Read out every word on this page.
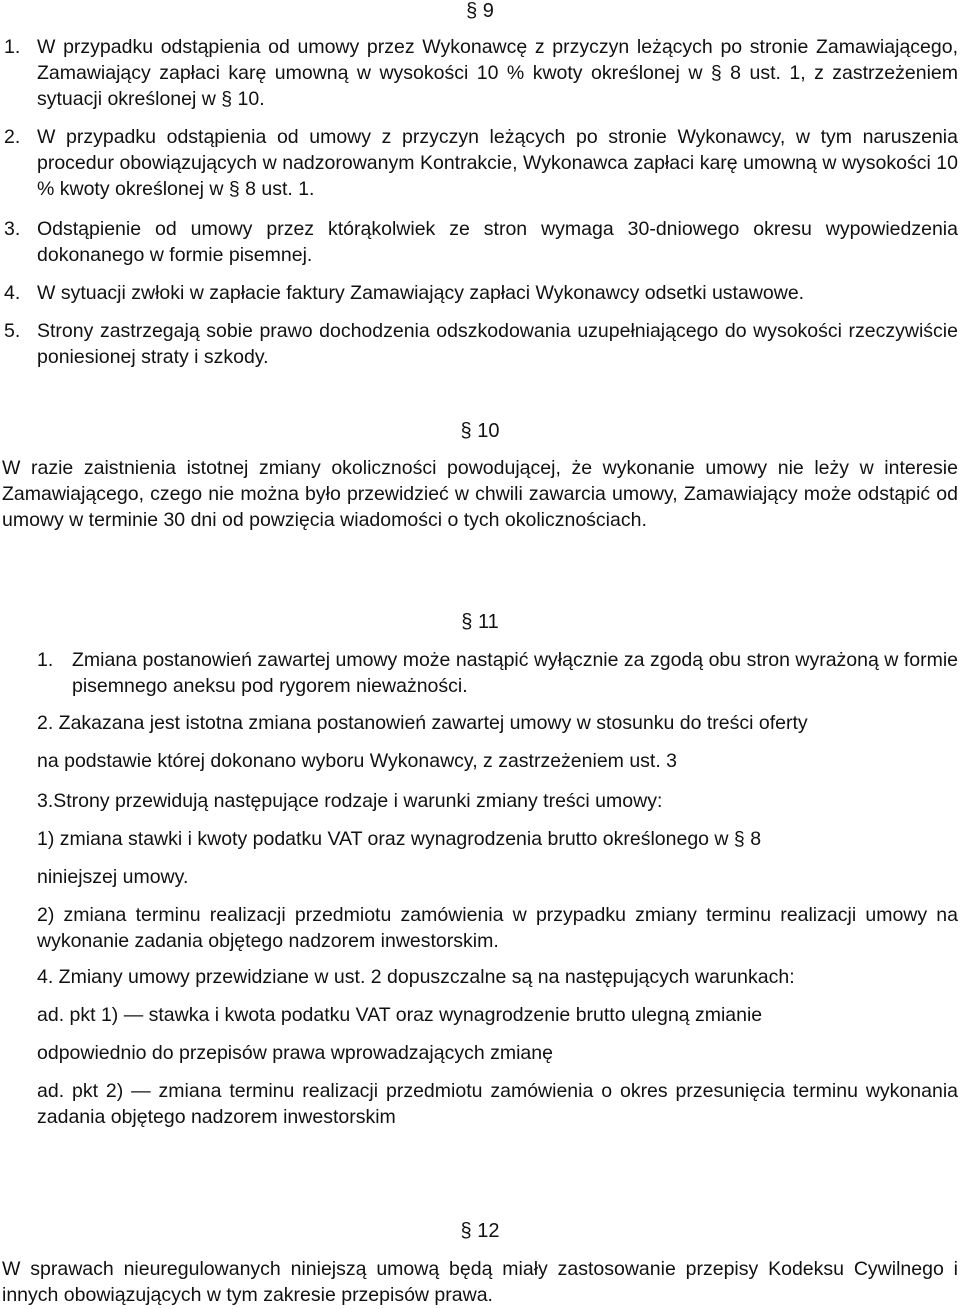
§ 9
1. W przypadku odstąpienia od umowy przez Wykonawcę z przyczyn leżących po stronie Zamawiającego, Zamawiający zapłaci karę umowną w wysokości 10 % kwoty określonej w § 8 ust. 1, z zastrzeżeniem sytuacji określonej w § 10.
2. W przypadku odstąpienia od umowy z przyczyn leżących po stronie Wykonawcy, w tym naruszenia procedur obowiązujących w nadzorowanym Kontrakcie, Wykonawca zapłaci karę umowną w wysokości 10 % kwoty określonej w § 8 ust. 1.
3. Odstąpienie od umowy przez którąkolwiek ze stron wymaga 30-dniowego okresu wypowiedzenia dokonanego w formie pisemnej.
4. W sytuacji zwłoki w zapłacie faktury Zamawiający zapłaci Wykonawcy odsetki ustawowe.
5. Strony zastrzegają sobie prawo dochodzenia odszkodowania uzupełniającego do wysokości rzeczywiście poniesionej straty i szkody.
§ 10
W razie zaistnienia istotnej zmiany okoliczności powodującej, że wykonanie umowy nie leży w interesie Zamawiającego, czego nie można było przewidzieć w chwili zawarcia umowy, Zamawiający może odstąpić od umowy w terminie 30 dni od powzięcia wiadomości o tych okolicznościach.
§ 11
1. Zmiana postanowień zawartej umowy może nastąpić wyłącznie za zgodą obu stron wyrażoną w formie pisemnego aneksu pod rygorem nieważności.
2. Zakazana jest istotna zmiana postanowień zawartej umowy w stosunku do treści oferty
na podstawie której dokonano wyboru Wykonawcy, z zastrzeżeniem ust. 3
3.Strony przewidują następujące rodzaje i warunki zmiany treści umowy:
1) zmiana stawki i kwoty podatku VAT oraz wynagrodzenia brutto określonego w § 8
niniejszej umowy.
2) zmiana terminu realizacji przedmiotu zamówienia w przypadku zmiany terminu realizacji umowy na wykonanie zadania objętego nadzorem inwestorskim.
4. Zmiany umowy przewidziane w ust. 2 dopuszczalne są na następujących warunkach:
ad. pkt 1) — stawka i kwota podatku VAT oraz wynagrodzenie brutto ulegną zmianie
odpowiednio do przepisów prawa wprowadzających zmianę
ad. pkt 2) — zmiana terminu realizacji przedmiotu zamówienia o okres przesunięcia terminu wykonania zadania objętego nadzorem inwestorskim
§ 12
W sprawach nieuregulowanych niniejszą umową będą miały zastosowanie przepisy Kodeksu Cywilnego i innych obowiązujących w tym zakresie przepisów prawa.
